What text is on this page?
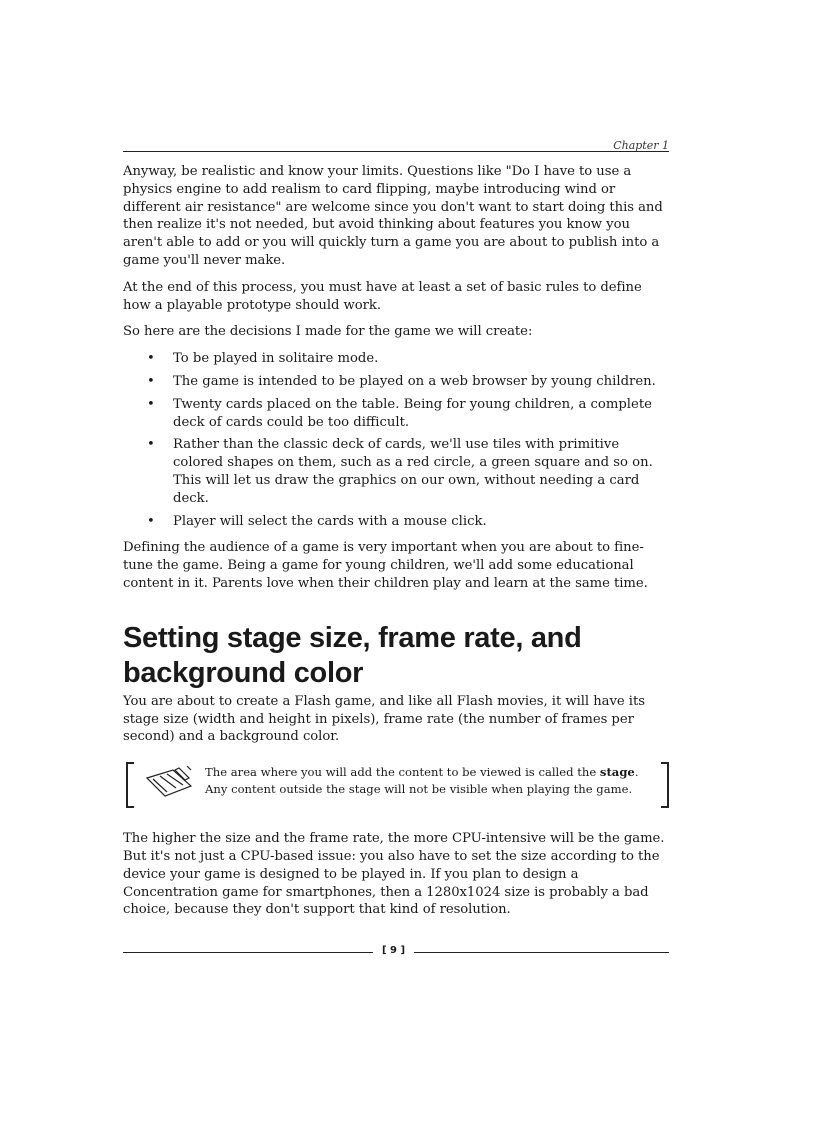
Chapter 1

Anyway, be realistic and know your limits. Questions like "Do I have to use a physics engine to add realism to card flipping, maybe introducing wind or different air resistance" are welcome since you don't want to start doing this and then realize it's not needed, but avoid thinking about features you know you aren't able to add or you will quickly turn a game you are about to publish into a game you'll never make.

At the end of this process, you must have at least a set of basic rules to define how a playable prototype should work.

So here are the decisions I made for the game we will create:

• To be played in solitaire mode.
• The game is intended to be played on a web browser by young children.
• Twenty cards placed on the table. Being for young children, a complete deck of cards could be too difficult.
• Rather than the classic deck of cards, we'll use tiles with primitive colored shapes on them, such as a red circle, a green square and so on. This will let us draw the graphics on our own, without needing a card deck.
• Player will select the cards with a mouse click.

Defining the audience of a game is very important when you are about to fine-tune the game. Being a game for young children, we'll add some educational content in it. Parents love when their children play and learn at the same time.

Setting stage size, frame rate, and background color

You are about to create a Flash game, and like all Flash movies, it will have its stage size (width and height in pixels), frame rate (the number of frames per second) and a background color.

The area where you will add the content to be viewed is called the stage.
Any content outside the stage will not be visible when playing the game.

The higher the size and the frame rate, the more CPU-intensive will be the game. But it's not just a CPU-based issue: you also have to set the size according to the device your game is designed to be played in. If you plan to design a Concentration game for smartphones, then a 1280x1024 size is probably a bad choice, because they don't support that kind of resolution.

[ 9 ]
